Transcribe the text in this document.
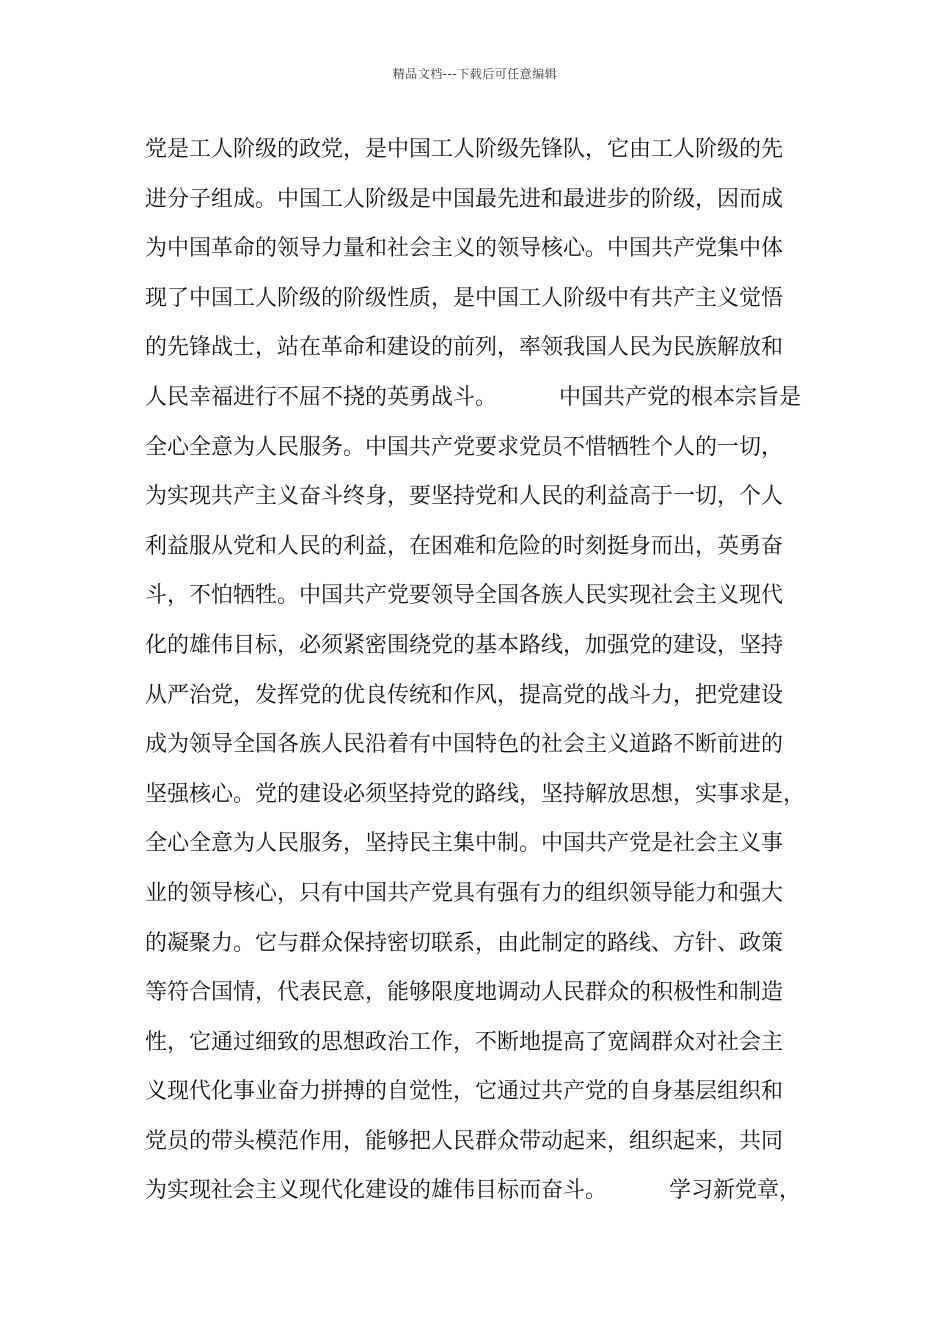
精品文档---下载后可任意编辑
党是工人阶级的政党，是中国工人阶级先锋队，它由工人阶级的先
进分子组成。中国工人阶级是中国最先进和最进步的阶级，因而成
为中国革命的领导力量和社会主义的领导核心。中国共产党集中体
现了中国工人阶级的阶级性质，是中国工人阶级中有共产主义觉悟
的先锋战士，站在革命和建设的前列，率领我国人民为民族解放和
人民幸福进行不屈不挠的英勇战斗。	中国共产党的根本宗旨是
全心全意为人民服务。中国共产党要求党员不惜牺牲个人的一切，
为实现共产主义奋斗终身，要坚持党和人民的利益高于一切，个人
利益服从党和人民的利益，在困难和危险的时刻挺身而出，英勇奋
斗，不怕牺牲。中国共产党要领导全国各族人民实现社会主义现代
化的雄伟目标，必须紧密围绕党的基本路线，加强党的建设，坚持
从严治党，发挥党的优良传统和作风，提高党的战斗力，把党建设
成为领导全国各族人民沿着有中国特色的社会主义道路不断前进的
坚强核心。党的建设必须坚持党的路线，坚持解放思想，实事求是，
全心全意为人民服务，坚持民主集中制。中国共产党是社会主义事
业的领导核心，只有中国共产党具有强有力的组织领导能力和强大
的凝聚力。它与群众保持密切联系，由此制定的路线、方针、政策
等符合国情，代表民意，能够限度地调动人民群众的积极性和制造
性，它通过细致的思想政治工作，不断地提高了宽阔群众对社会主
义现代化事业奋力拼搏的自觉性，它通过共产党的自身基层组织和
党员的带头模范作用，能够把人民群众带动起来，组织起来，共同
为实现社会主义现代化建设的雄伟目标而奋斗。	学习新党章，
